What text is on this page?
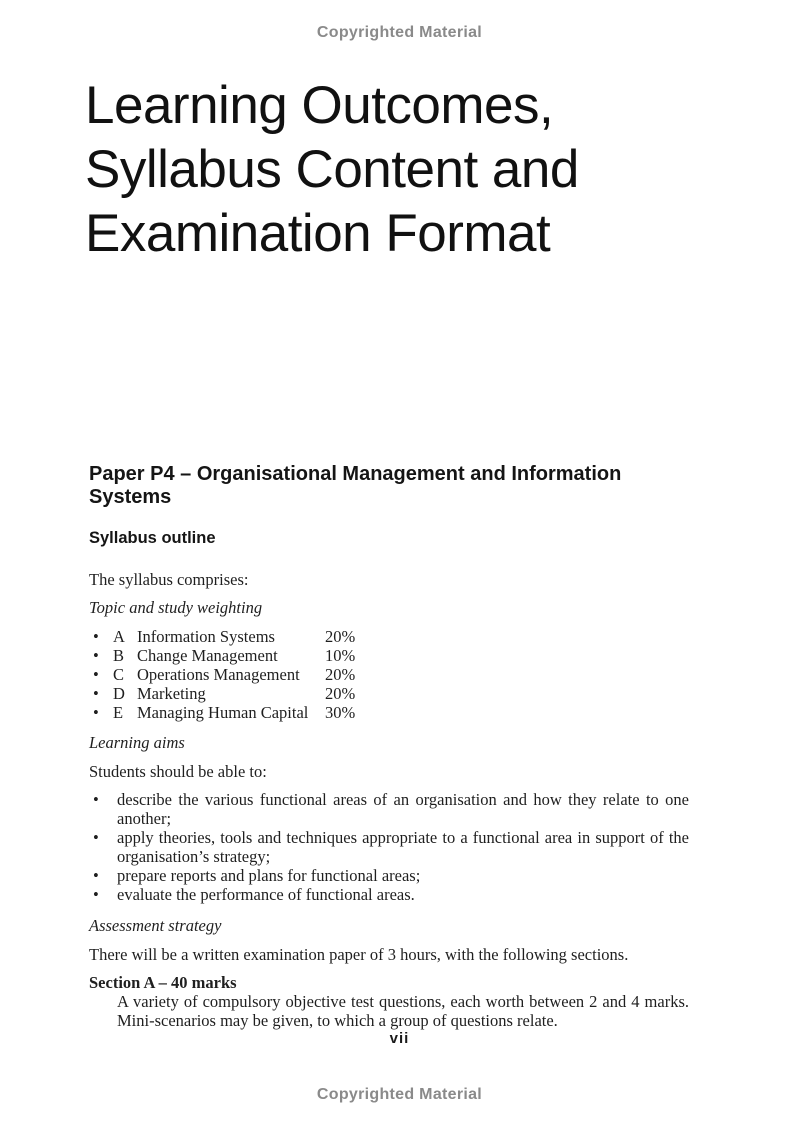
Copyrighted Material
Learning Outcomes,
Syllabus Content and
Examination Format
Paper P4 – Organisational Management and Information Systems
Syllabus outline

The syllabus comprises:

Topic and study weighting

• A Information Systems	20%
• B Change Management	10%
• C Operations Management	20%
• D Marketing	20%
• E Managing Human Capital	30%

Learning aims

Students should be able to:

•	describe the various functional areas of an organisation and how they relate to one another;
•	apply theories, tools and techniques appropriate to a functional area in support of the organisation’s strategy;
•	prepare reports and plans for functional areas;
•	evaluate the performance of functional areas.

Assessment strategy

There will be a written examination paper of 3 hours, with the following sections.

Section A – 40 marks

A variety of compulsory objective test questions, each worth between 2 and 4 marks. Mini-scenarios may be given, to which a group of questions relate.

vii
Copyrighted Material
